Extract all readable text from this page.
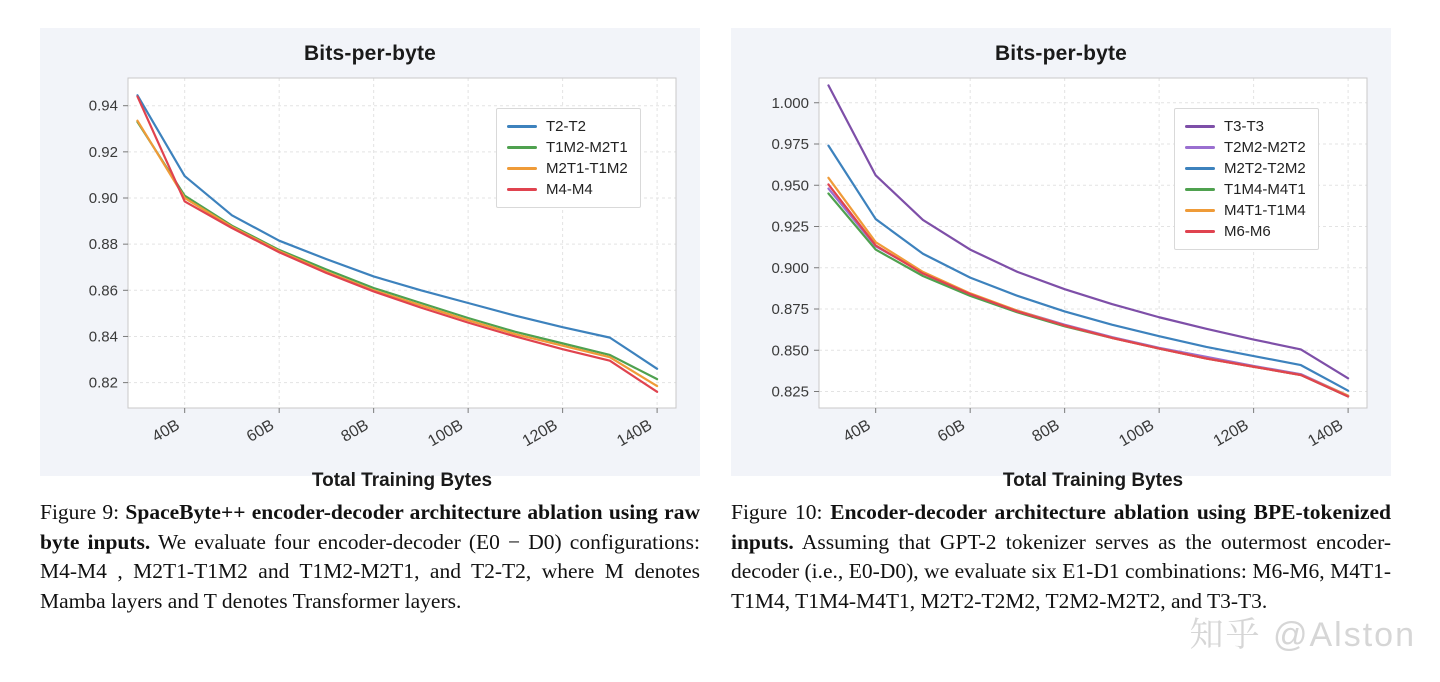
Bits-per-byte
0.82
0.84
0.86
0.88
0.90
0.92
0.94
40B	60B	80B	100B	120B	140B
Total Training Bytes
T2-T2
T1M2-M2T1
M2T1-T1M2
M4-M4
Figure 9: SpaceByte++ encoder-decoder architecture ablation using raw byte inputs. We evaluate four encoder-decoder (E0 − D0) configurations: M4-M4 , M2T1-T1M2 and T1M2-M2T1, and T2-T2, where M denotes Mamba layers and T denotes Transformer layers.
Bits-per-byte
0.825
0.850
0.875
0.900
0.925
0.950
0.975
1.000
40B	60B	80B	100B	120B	140B
Total Training Bytes
T3-T3
T2M2-M2T2
M2T2-T2M2
T1M4-M4T1
M4T1-T1M4
M6-M6
Figure 10: Encoder-decoder architecture ablation using BPE-tokenized inputs. Assuming that GPT-2 tokenizer serves as the outermost encoder-decoder (i.e., E0-D0), we evaluate six E1-D1 combinations: M6-M6, M4T1-T1M4, T1M4-M4T1, M2T2-T2M2, T2M2-M2T2, and T3-T3.
知乎 @Alston
